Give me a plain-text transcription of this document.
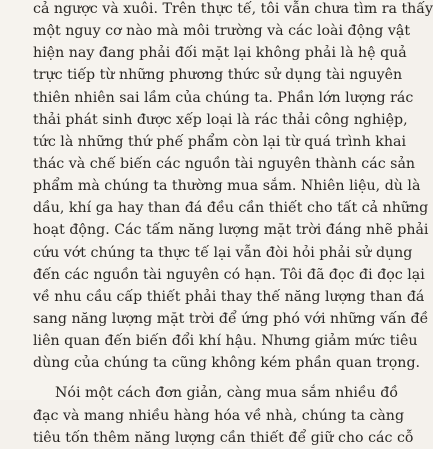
cả ngược và xuôi. Trên thực tế, tôi vẫn chưa tìm ra thấy
một nguy cơ nào mà môi trường và các loài động vật
hiện nay đang phải đối mặt lại không phải là hệ quả
trực tiếp từ những phương thức sử dụng tài nguyên
thiên nhiên sai lầm của chúng ta. Phần lớn lượng rác
thải phát sinh được xếp loại là rác thải công nghiệp,
tức là những thứ phế phẩm còn lại từ quá trình khai
thác và chế biến các nguồn tài nguyên thành các sản
phẩm mà chúng ta thường mua sắm. Nhiên liệu, dù là
dầu, khí ga hay than đá đều cần thiết cho tất cả những
hoạt động. Các tấm năng lượng mặt trời đáng nhẽ phải
cứu vớt chúng ta thực tế lại vẫn đòi hỏi phải sử dụng
đến các nguồn tài nguyên có hạn. Tôi đã đọc đi đọc lại
về nhu cầu cấp thiết phải thay thế năng lượng than đá
sang năng lượng mặt trời để ứng phó với những vấn đề
liên quan đến biến đổi khí hậu. Nhưng giảm mức tiêu
dùng của chúng ta cũng không kém phần quan trọng.
Nói một cách đơn giản, càng mua sắm nhiều đồ
đạc và mang nhiều hàng hóa về nhà, chúng ta càng
tiêu tốn thêm năng lượng cần thiết để giữ cho các cỗ
